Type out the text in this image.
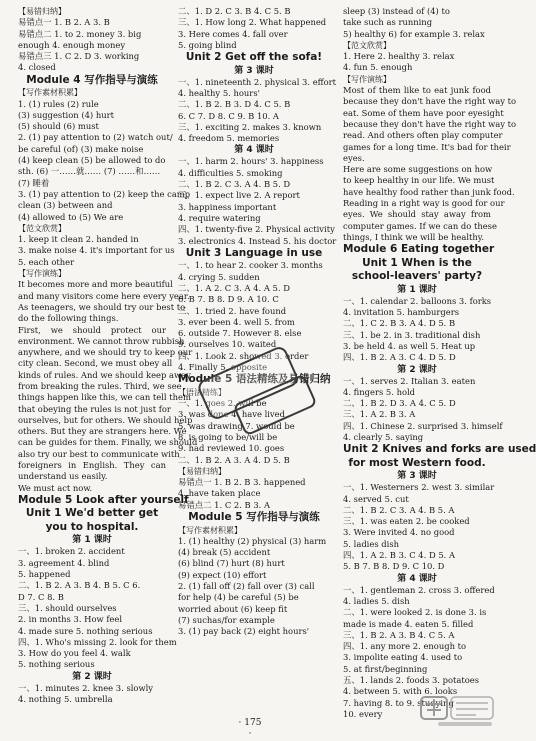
【易错归纳】
易错点一 1. B 2. A 3. B
易错点二 1. to 2. money 3. big
enough 4. enough money
易错点三 1. C 2. D 3. working
4. closed
Module 4 写作指导与演练
【写作素材积累】
1. (1) rules (2) rule
(3) suggestion (4) hurt
(5) should (6) must
2. (1) pay attention to (2) watch out/
be careful (of) (3) make noise
(4) keep clean (5) be allowed to do
sth. (6) 一……就…… (7) ……和……
(7) 睡着
3. (1) pay attention to (2) keep the camp
clean (3) between and
(4) allowed to (5) We are
【范文欣赏】
1. keep it clean 2. handed in
3. make noise 4. it's important for us
5. each other
【写作演练】
It becomes more and more beautiful
and many visitors come here every year.
As teenagers, we should try our best to
do the following things.
First, we should protect our
environment. We cannot throw rubbish
anywhere, and we should try to keep our
city clean. Second, we must obey all
kinds of rules. And we should keep away
from breaking the rules. Third, we see
things happen like this, we can tell them
that obeying the rules is not just for
ourselves, but for others. We should help
others. But they are strangers here. We
can be guides for them. Finally, we should
also try our best to communicate with
foreigners in English. They can
understand us easily.
We must act now.
Module 5 Look after yourself
Unit 1 We'd better get
you to hospital.
第 1 课时
一、1. broken 2. accident
3. agreement 4. blind
5. happened
二、1. B 2. A 3. B 4. B 5. C 6.
D 7. C 8. B
三、1. should ourselves
2. in months 3. How feel
4. made sure 5. nothing serious
四、1. Who's missing 2. look for them
3. How do you feel 4. walk
5. nothing serious
第 2 课时
一、1. minutes 2. knee 3. slowly
4. nothing 5. umbrella
二、1. D 2. C 3. B 4. C 5. B
三、1. How long 2. What happened
3. Here comes 4. fall over
5. going blind
Unit 2 Get off the sofa!
第 3 课时
一、1. nineteenth 2. physical 3. effort
4. healthy 5. hours'
二、1. B 2. B 3. D 4. C 5. B
6. C 7. D 8. C 9. B 10. A
三、1. exciting 2. makes 3. known
4. freedom 5. memories
第 4 课时
一、1. harm 2. hours' 3. happiness
4. difficulties 5. smoking
二、1. B 2. C 3. A 4. B 5. D
三、1. expect live 2. A report
3. happiness important
4. require watering
四、1. twenty-five 2. Physical activity
3. electronics 4. Instead 5. his doctor
Unit 3 Language in use
一、1. to hear 2. cooker 3. months
4. crying 5. sudden
二、1. A 2. C 3. A 4. A 5. D
6. B 7. B 8. D 9. A 10. C
三、1. tried 2. have found
3. ever been 4. well 5. from
6. outside 7. However 8. else
9. ourselves 10. waited
四、1. Look 2. showed 3. order
4. Finally 5. opposite
Module 5 语法精练及易错归纳
【语法精练】
一、1. goes 2. will be
3. was done 4. have lived
5. was drawing 7. would be
8. is going to be/will be
9. had reviewed 10. goes
二、1. B 2. A 3. A 4. D 5. B
【易错归纳】
易错点一 1. B 2. B 3. happened
4. have taken place
易错点二 1. C 2. B 3. A
Module 5 写作指导与演练
【写作素材积累】
1. (1) healthy (2) physical (3) harm
(4) break (5) accident
(6) blind (7) hurt (8) hurt
(9) expect (10) effort
2. (1) fall off (2) fall over (3) call
for help (4) be careful (5) be
worried about (6) keep fit
(7) suchas/for example
3. (1) pay back (2) eight hours'
sleep (3) instead of (4) to
take such as running
5) healthy 6) for example 3. relax
【范文欣赏】
1. Here 2. healthy 3. relax
4. fun 5. enough
【写作演练】
Most of them like to eat junk food
because they don't have the right way to
eat. Some of them have poor eyesight
because they don't have the right way to
read. And others often play computer
games for a long time. It's bad for their
eyes.
Here are some suggestions on how
to keep healthy in our life. We must
have healthy food rather than junk food.
Reading in a right way is good for our
eyes. We should stay away from
computer games. If we can do these
things, I think we will be healthy.
Module 6 Eating together
Unit 1 When is the
school-leavers' party?
第 1 课时
一、1. calendar 2. balloons 3. forks
4. invitation 5. hamburgers
二、1. C 2. B 3. A 4. D 5. B
三、1. be 2. in 3. traditional dish
3. be held 4. as well 5. Heat up
四、1. B 2. A 3. C 4. D 5. D
第 2 课时
一、1. serves 2. Italian 3. eaten
4. fingers 5. hold
二、1. B 2. D 3. A 4. C 5. D
三、1. A 2. B 3. A
四、1. Chinese 2. surprised 3. himself
4. clearly 5. saying
Unit 2 Knives and forks are used
for most Western food.
第 3 课时
一、1. Westerners 2. west 3. similar
4. served 5. cut
二、1. B 2. C 3. A 4. B 5. A
三、1. was eaten 2. be cooked
3. Were invited 4. no good
5. ladies dish
四、1. A 2. B 3. C 4. D 5. A
5. B 7. B 8. D 9. C 10. D
第 4 课时
一、1. gentleman 2. cross 3. offered
4. ladies 5. dish
二、1. were looked 2. is done 3. is
made is made 4. eaten 5. filled
三、1. B 2. A 3. B 4. C 5. A
四、1. any more 2. enough to
3. impolite eating 4. used to
5. at first/beginning
五、1. lands 2. foods 3. potatoes
4. between 5. with 6. looks
7. having 8. to 9. studying
10. every
· 175 ·
